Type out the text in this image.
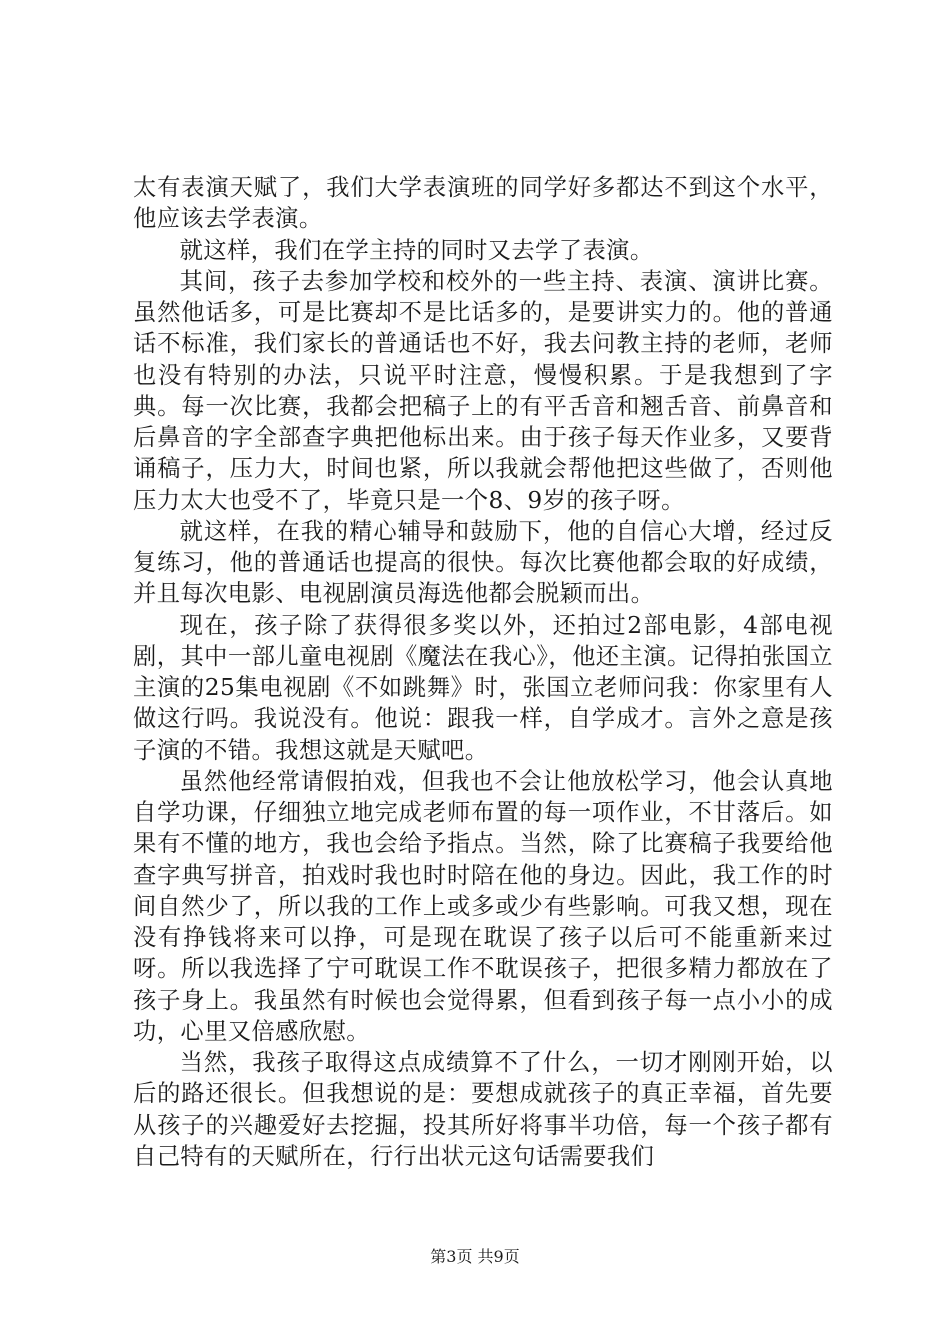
太有表演天赋了，我们大学表演班的同学好多都达不到这个水平，他应该去学表演。

就这样，我们在学主持的同时又去学了表演。

其间，孩子去参加学校和校外的一些主持、表演、演讲比赛。虽然他话多，可是比赛却不是比话多的，是要讲实力的。他的普通话不标准，我们家长的普通话也不好，我去问教主持的老师，老师也没有特别的办法，只说平时注意，慢慢积累。于是我想到了字典。每一次比赛，我都会把稿子上的有平舌音和翘舌音、前鼻音和后鼻音的字全部查字典把他标出来。由于孩子每天作业多，又要背诵稿子，压力大，时间也紧，所以我就会帮他把这些做了，否则他压力太大也受不了，毕竟只是一个8、9岁的孩子呀。

就这样，在我的精心辅导和鼓励下，他的自信心大增，经过反复练习，他的普通话也提高的很快。每次比赛他都会取的好成绩，并且每次电影、电视剧演员海选他都会脱颖而出。

现在，孩子除了获得很多奖以外，还拍过2部电影，4部电视剧，其中一部儿童电视剧《魔法在我心》，他还主演。记得拍张国立主演的25集电视剧《不如跳舞》时，张国立老师问我：你家里有人做这行吗。我说没有。他说：跟我一样，自学成才。言外之意是孩子演的不错。我想这就是天赋吧。

虽然他经常请假拍戏，但我也不会让他放松学习，他会认真地自学功课，仔细独立地完成老师布置的每一项作业，不甘落后。如果有不懂的地方，我也会给予指点。当然，除了比赛稿子我要给他查字典写拼音，拍戏时我也时时陪在他的身边。因此，我工作的时间自然少了，所以我的工作上或多或少有些影响。可我又想，现在没有挣钱将来可以挣，可是现在耽误了孩子以后可不能重新来过呀。所以我选择了宁可耽误工作不耽误孩子，把很多精力都放在了孩子身上。我虽然有时候也会觉得累，但看到孩子每一点小小的成功，心里又倍感欣慰。

当然，我孩子取得这点成绩算不了什么，一切才刚刚开始，以后的路还很长。但我想说的是：要想成就孩子的真正幸福，首先要从孩子的兴趣爱好去挖掘，投其所好将事半功倍，每一个孩子都有自己特有的天赋所在，行行出状元这句话需要我们

第3页 共9页
